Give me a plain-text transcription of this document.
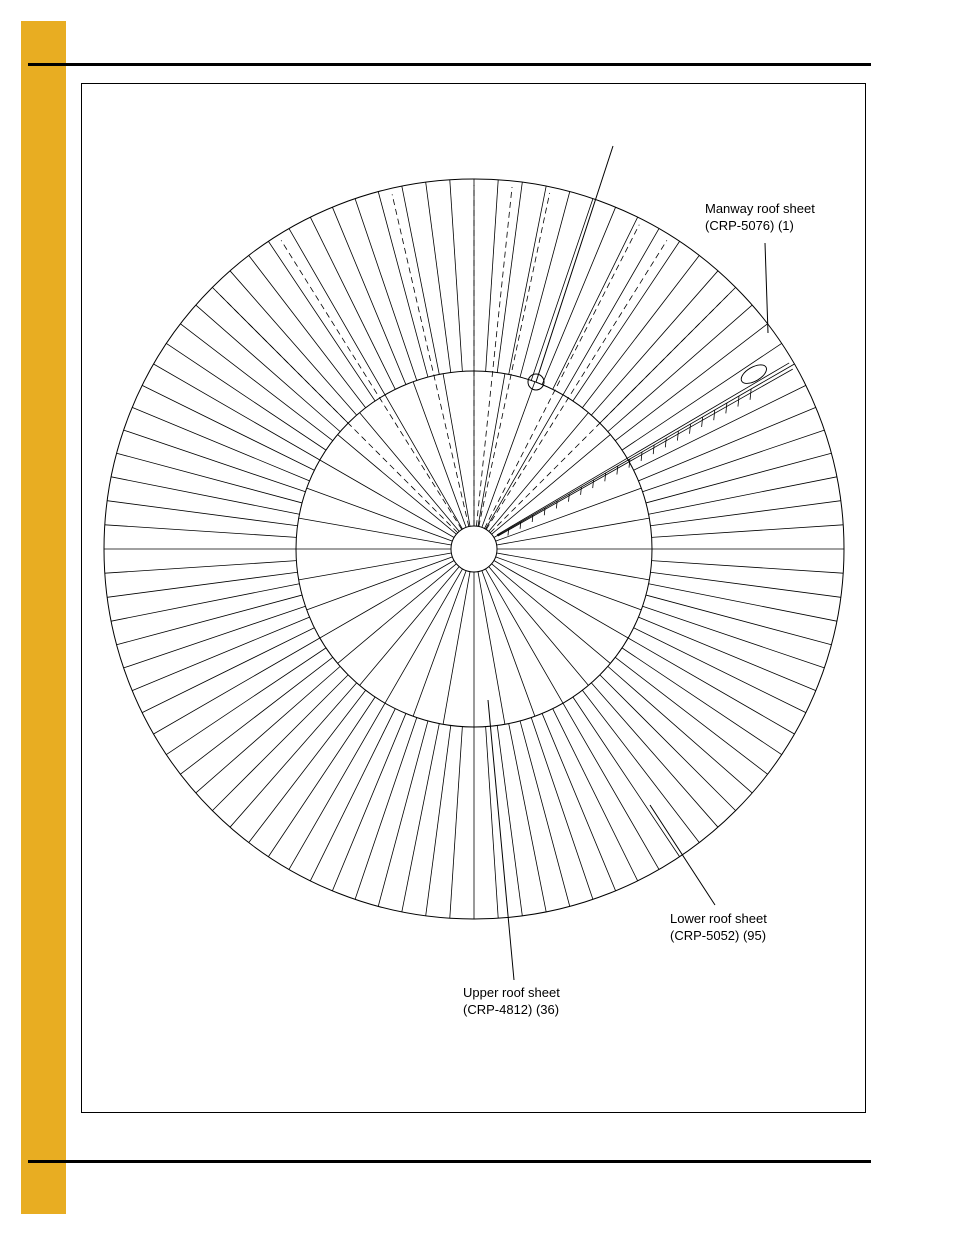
Manway roof sheet
(CRP-5076) (1)
Lower roof sheet
(CRP-5052) (95)
Upper roof sheet
(CRP-4812) (36)
